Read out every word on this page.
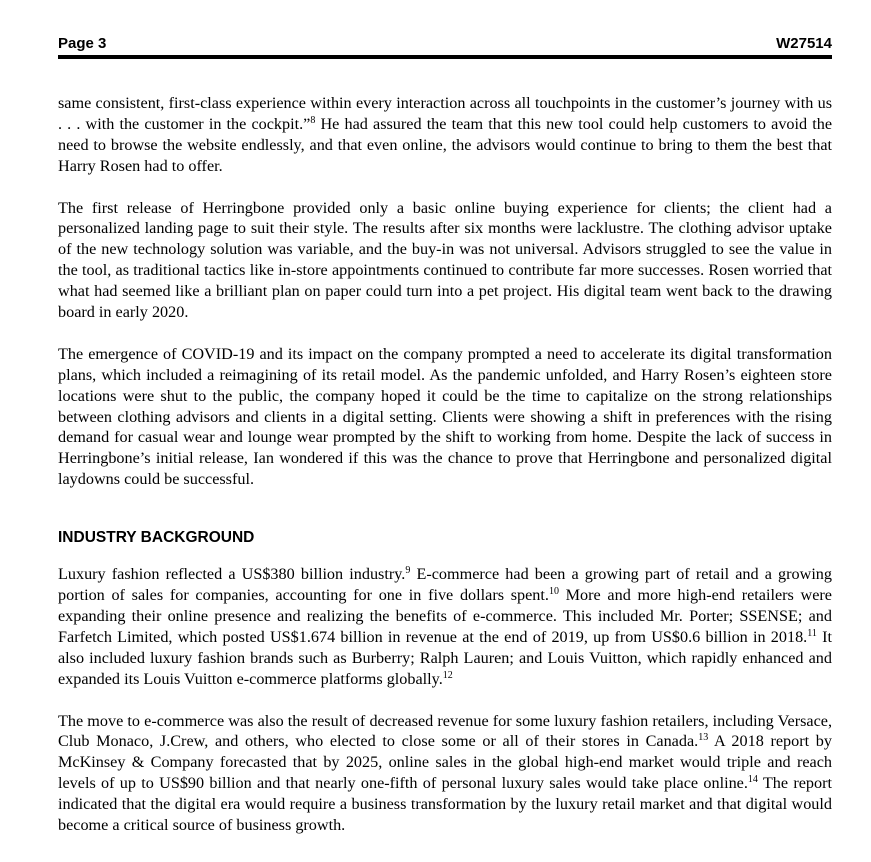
Page 3	W27514

same consistent, first-class experience within every interaction across all touchpoints in the customer’s journey with us . . . with the customer in the cockpit.”$^8$ He had assured the team that this new tool could help customers to avoid the need to browse the website endlessly, and that even online, the advisors would continue to bring to them the best that Harry Rosen had to offer.

The first release of Herringbone provided only a basic online buying experience for clients; the client had a personalized landing page to suit their style. The results after six months were lacklustre. The clothing advisor uptake of the new technology solution was variable, and the buy-in was not universal. Advisors struggled to see the value in the tool, as traditional tactics like in-store appointments continued to contribute far more successes. Rosen worried that what had seemed like a brilliant plan on paper could turn into a pet project. His digital team went back to the drawing board in early 2020.

The emergence of COVID-19 and its impact on the company prompted a need to accelerate its digital transformation plans, which included a reimagining of its retail model. As the pandemic unfolded, and Harry Rosen’s eighteen store locations were shut to the public, the company hoped it could be the time to capitalize on the strong relationships between clothing advisors and clients in a digital setting. Clients were showing a shift in preferences with the rising demand for casual wear and lounge wear prompted by the shift to working from home. Despite the lack of success in Herringbone’s initial release, Ian wondered if this was the chance to prove that Herringbone and personalized digital laydowns could be successful.

INDUSTRY BACKGROUND

Luxury fashion reflected a US$380 billion industry.$^9$ E-commerce had been a growing part of retail and a growing portion of sales for companies, accounting for one in five dollars spent.$^{10}$ More and more high-end retailers were expanding their online presence and realizing the benefits of e-commerce. This included Mr. Porter; SSENSE; and Farfetch Limited, which posted US$1.674 billion in revenue at the end of 2019, up from US$0.6 billion in 2018.11 It also included luxury fashion brands such as Burberry; Ralph Lauren; and Louis Vuitton, which rapidly enhanced and expanded its Louis Vuitton e-commerce platforms globally.$^{12}$

The move to e-commerce was also the result of decreased revenue for some luxury fashion retailers, including Versace, Club Monaco, J.Crew, and others, who elected to close some or all of their stores in Canada.$^{13}$ A 2018 report by McKinsey & Company forecasted that by 2025, online sales in the global high-end market would triple and reach levels of up to US$90 billion and that nearly one-fifth of personal luxury sales would take place online.$^{14}$ The report indicated that the digital era would require a business transformation by the luxury retail market and that digital would become a critical source of business growth.
